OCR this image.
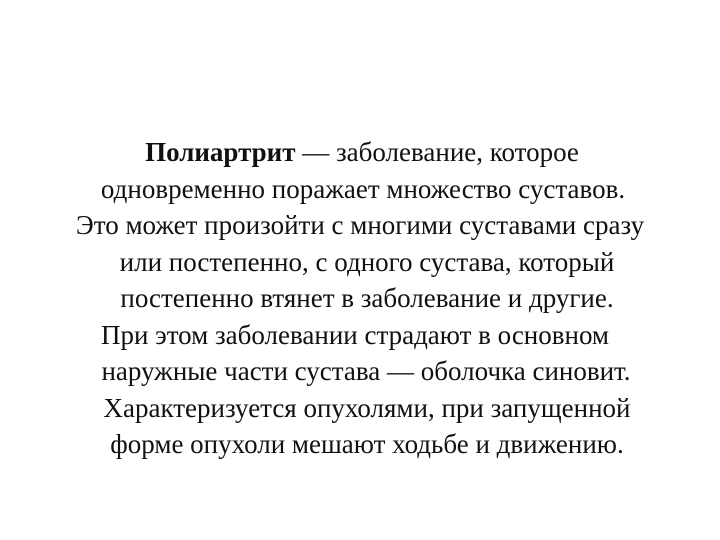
Полиартрит — заболевание, которое
одновременно поражает множество суставов.
Это может произойти с многими суставами сразу
или постепенно, с одного сустава, который
постепенно втянет в заболевание и другие.
При этом заболевании страдают в основном
наружные части сустава — оболочка синовит.
Характеризуется опухолями, при запущенной
форме опухоли мешают ходьбе и движению.
